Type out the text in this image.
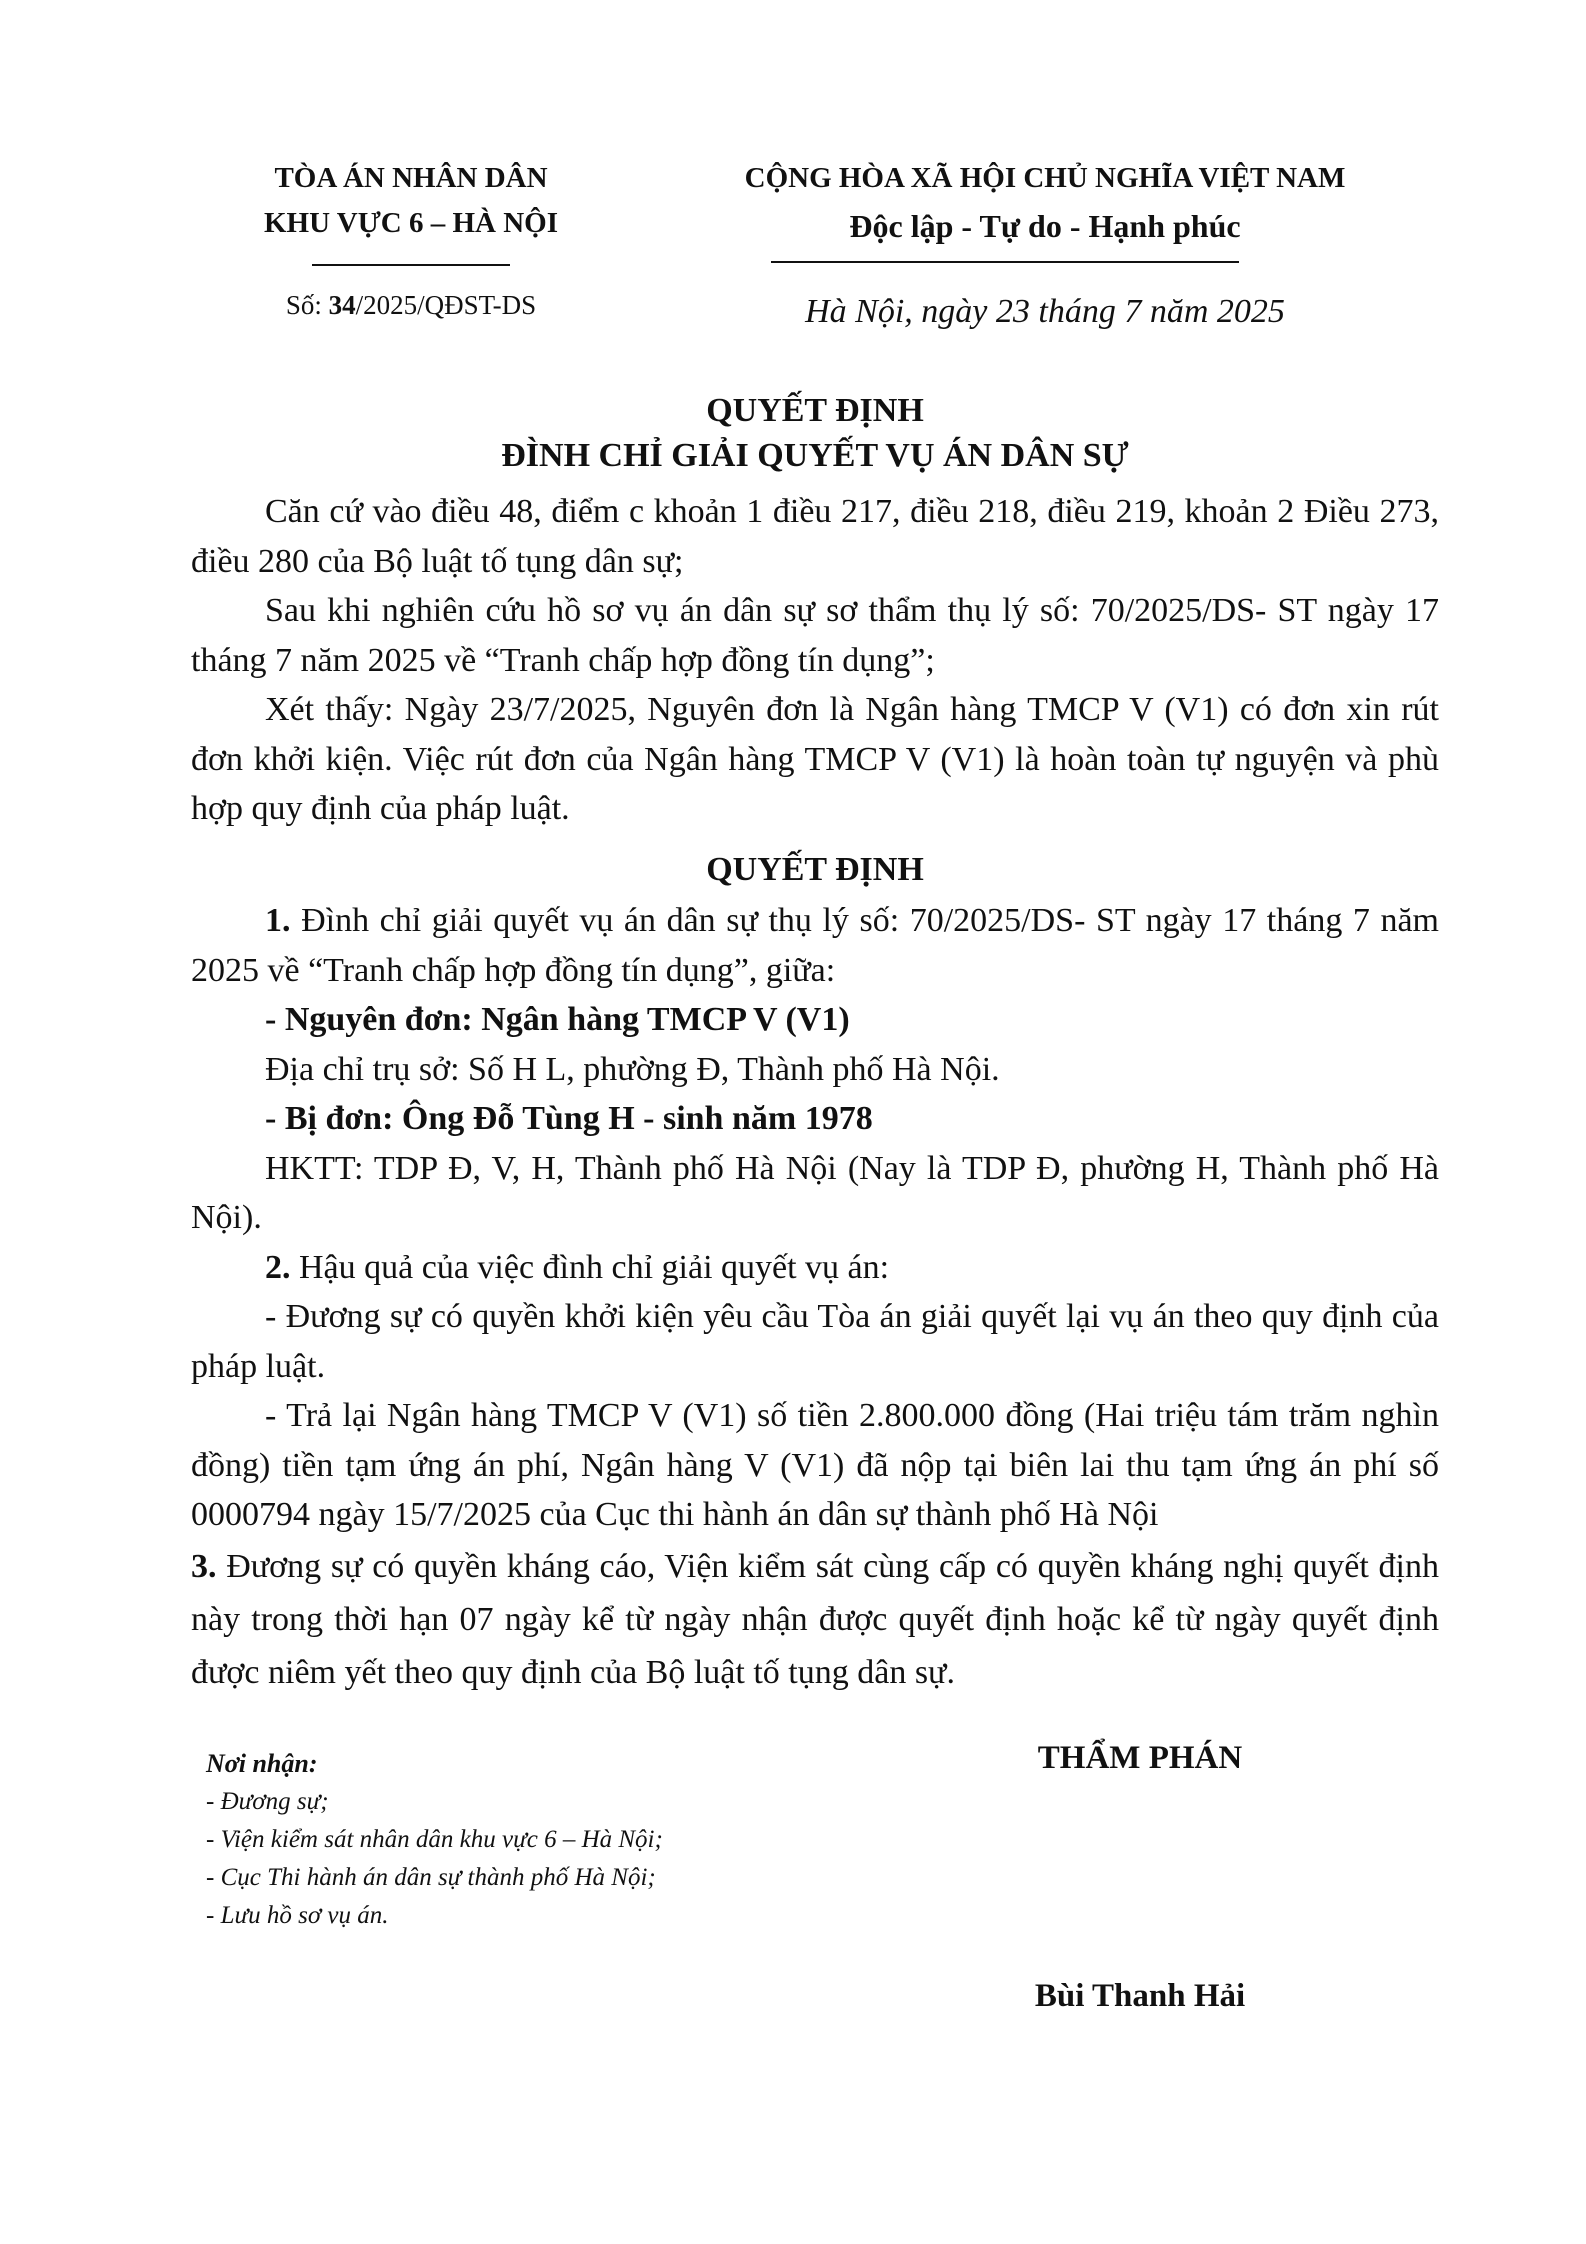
TÒA ÁN NHÂN DÂN
KHU VỰC 6 – HÀ NỘI
Số: 34/2025/QĐST-DS
CỘNG HÒA XÃ HỘI CHỦ NGHĨA VIỆT NAM
Độc lập - Tự do - Hạnh phúc
Hà Nội, ngày 23 tháng 7 năm 2025
QUYẾT ĐỊNH
ĐÌNH CHỈ GIẢI QUYẾT VỤ ÁN DÂN SỰ

Căn cứ vào điều 48, điểm c khoản 1 điều 217, điều 218, điều 219, khoản 2 Điều 273, điều 280 của Bộ luật tố tụng dân sự;

Sau khi nghiên cứu hồ sơ vụ án dân sự sơ thẩm thụ lý số: 70/2025/DS- ST ngày 17 tháng 7 năm 2025 về “Tranh chấp hợp đồng tín dụng”;

Xét thấy: Ngày 23/7/2025, Nguyên đơn là Ngân hàng TMCP V (V1) có đơn xin rút đơn khởi kiện. Việc rút đơn của Ngân hàng TMCP V (V1) là hoàn toàn tự nguyện và phù hợp quy định của pháp luật.

QUYẾT ĐỊNH

1. Đình chỉ giải quyết vụ án dân sự thụ lý số: 70/2025/DS- ST ngày 17 tháng 7 năm 2025 về “Tranh chấp hợp đồng tín dụng”, giữa:

- Nguyên đơn: Ngân hàng TMCP V (V1)

Địa chỉ trụ sở: Số H L, phường Đ, Thành phố Hà Nội.

- Bị đơn: Ông Đỗ Tùng H - sinh năm 1978

HKTT: TDP Đ, V, H, Thành phố Hà Nội (Nay là TDP Đ, phường H, Thành phố Hà Nội).

2. Hậu quả của việc đình chỉ giải quyết vụ án:

- Đương sự có quyền khởi kiện yêu cầu Tòa án giải quyết lại vụ án theo quy định của pháp luật.

- Trả lại Ngân hàng TMCP V (V1) số tiền 2.800.000 đồng (Hai triệu tám trăm nghìn đồng) tiền tạm ứng án phí, Ngân hàng V (V1) đã nộp tại biên lai thu tạm ứng án phí số 0000794 ngày 15/7/2025 của Cục thi hành án dân sự thành phố Hà Nội

3. Đương sự có quyền kháng cáo, Viện kiểm sát cùng cấp có quyền kháng nghị quyết định này trong thời hạn 07 ngày kể từ ngày nhận được quyết định hoặc kể từ ngày quyết định được niêm yết theo quy định của Bộ luật tố tụng dân sự.

Nơi nhận:
- Đương sự;
- Viện kiểm sát nhân dân khu vực 6 – Hà Nội;
- Cục Thi hành án dân sự thành phố Hà Nội;
- Lưu hồ sơ vụ án.
THẨM PHÁN
Bùi Thanh Hải
